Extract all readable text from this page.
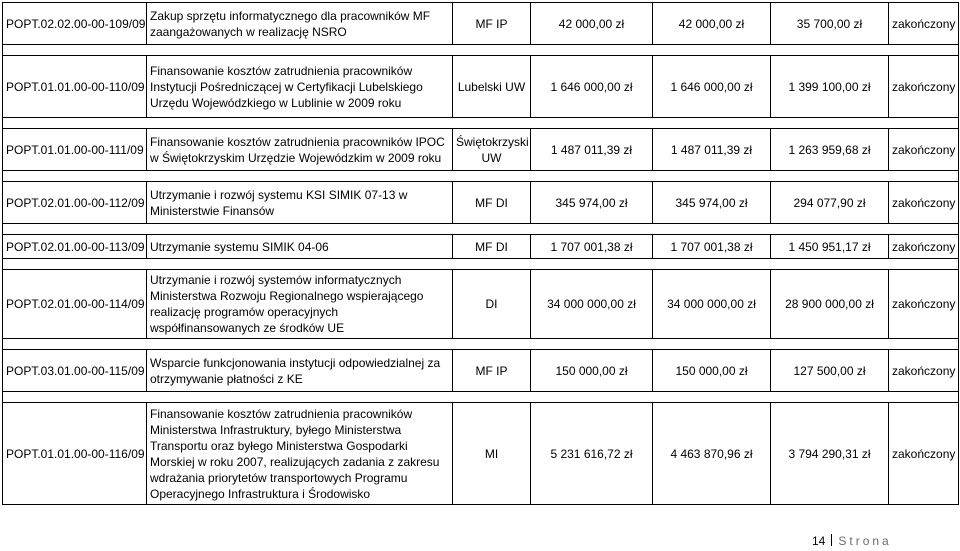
POPT.02.02.00-00-109/09	Zakup sprzętu informatycznego dla pracowników MF zaangażowanych w realizację NSRO	MF IP	42 000,00 zł	42 000,00 zł	35 700,00 zł	zakończony

POPT.01.01.00-00-110/09	Finansowanie kosztów zatrudnienia pracowników Instytucji Pośredniczącej w Certyfikacji Lubelskiego Urzędu Wojewódzkiego w Lublinie w 2009 roku	Lubelski UW	1 646 000,00 zł	1 646 000,00 zł	1 399 100,00 zł	zakończony

POPT.01.01.00-00-111/09	Finansowanie kosztów zatrudnienia pracowników IPOC w Świętokrzyskim Urzędzie Wojewódzkim w 2009 roku	Świętokrzyski UW	1 487 011,39 zł	1 487 011,39 zł	1 263 959,68 zł	zakończony

POPT.02.01.00-00-112/09	Utrzymanie i rozwój systemu KSI SIMIK 07-13 w Ministerstwie Finansów	MF DI	345 974,00 zł	345 974,00 zł	294 077,90 zł	zakończony

POPT.02.01.00-00-113/09	Utrzymanie systemu SIMIK 04-06	MF DI	1 707 001,38 zł	1 707 001,38 zł	1 450 951,17 zł	zakończony

POPT.02.01.00-00-114/09	Utrzymanie i rozwój systemów informatycznych Ministerstwa Rozwoju Regionalnego wspierającego realizację programów operacyjnych współfinansowanych ze środków UE	DI	34 000 000,00 zł	34 000 000,00 zł	28 900 000,00 zł	zakończony

POPT.03.01.00-00-115/09	Wsparcie funkcjonowania instytucji odpowiedzialnej za otrzymywanie płatności z KE	MF IP	150 000,00 zł	150 000,00 zł	127 500,00 zł	zakończony

POPT.01.01.00-00-116/09	Finansowanie kosztów zatrudnienia pracowników Ministerstwa Infrastruktury, byłego Ministerstwa Transportu oraz byłego Ministerstwa Gospodarki Morskiej w roku 2007, realizujących zadania z zakresu wdrażania priorytetów transportowych Programu Operacyjnego Infrastruktura i Środowisko	MI	5 231 616,72 zł	4 463 870,96 zł	3 794 290,31 zł	zakończony
14 Strona
